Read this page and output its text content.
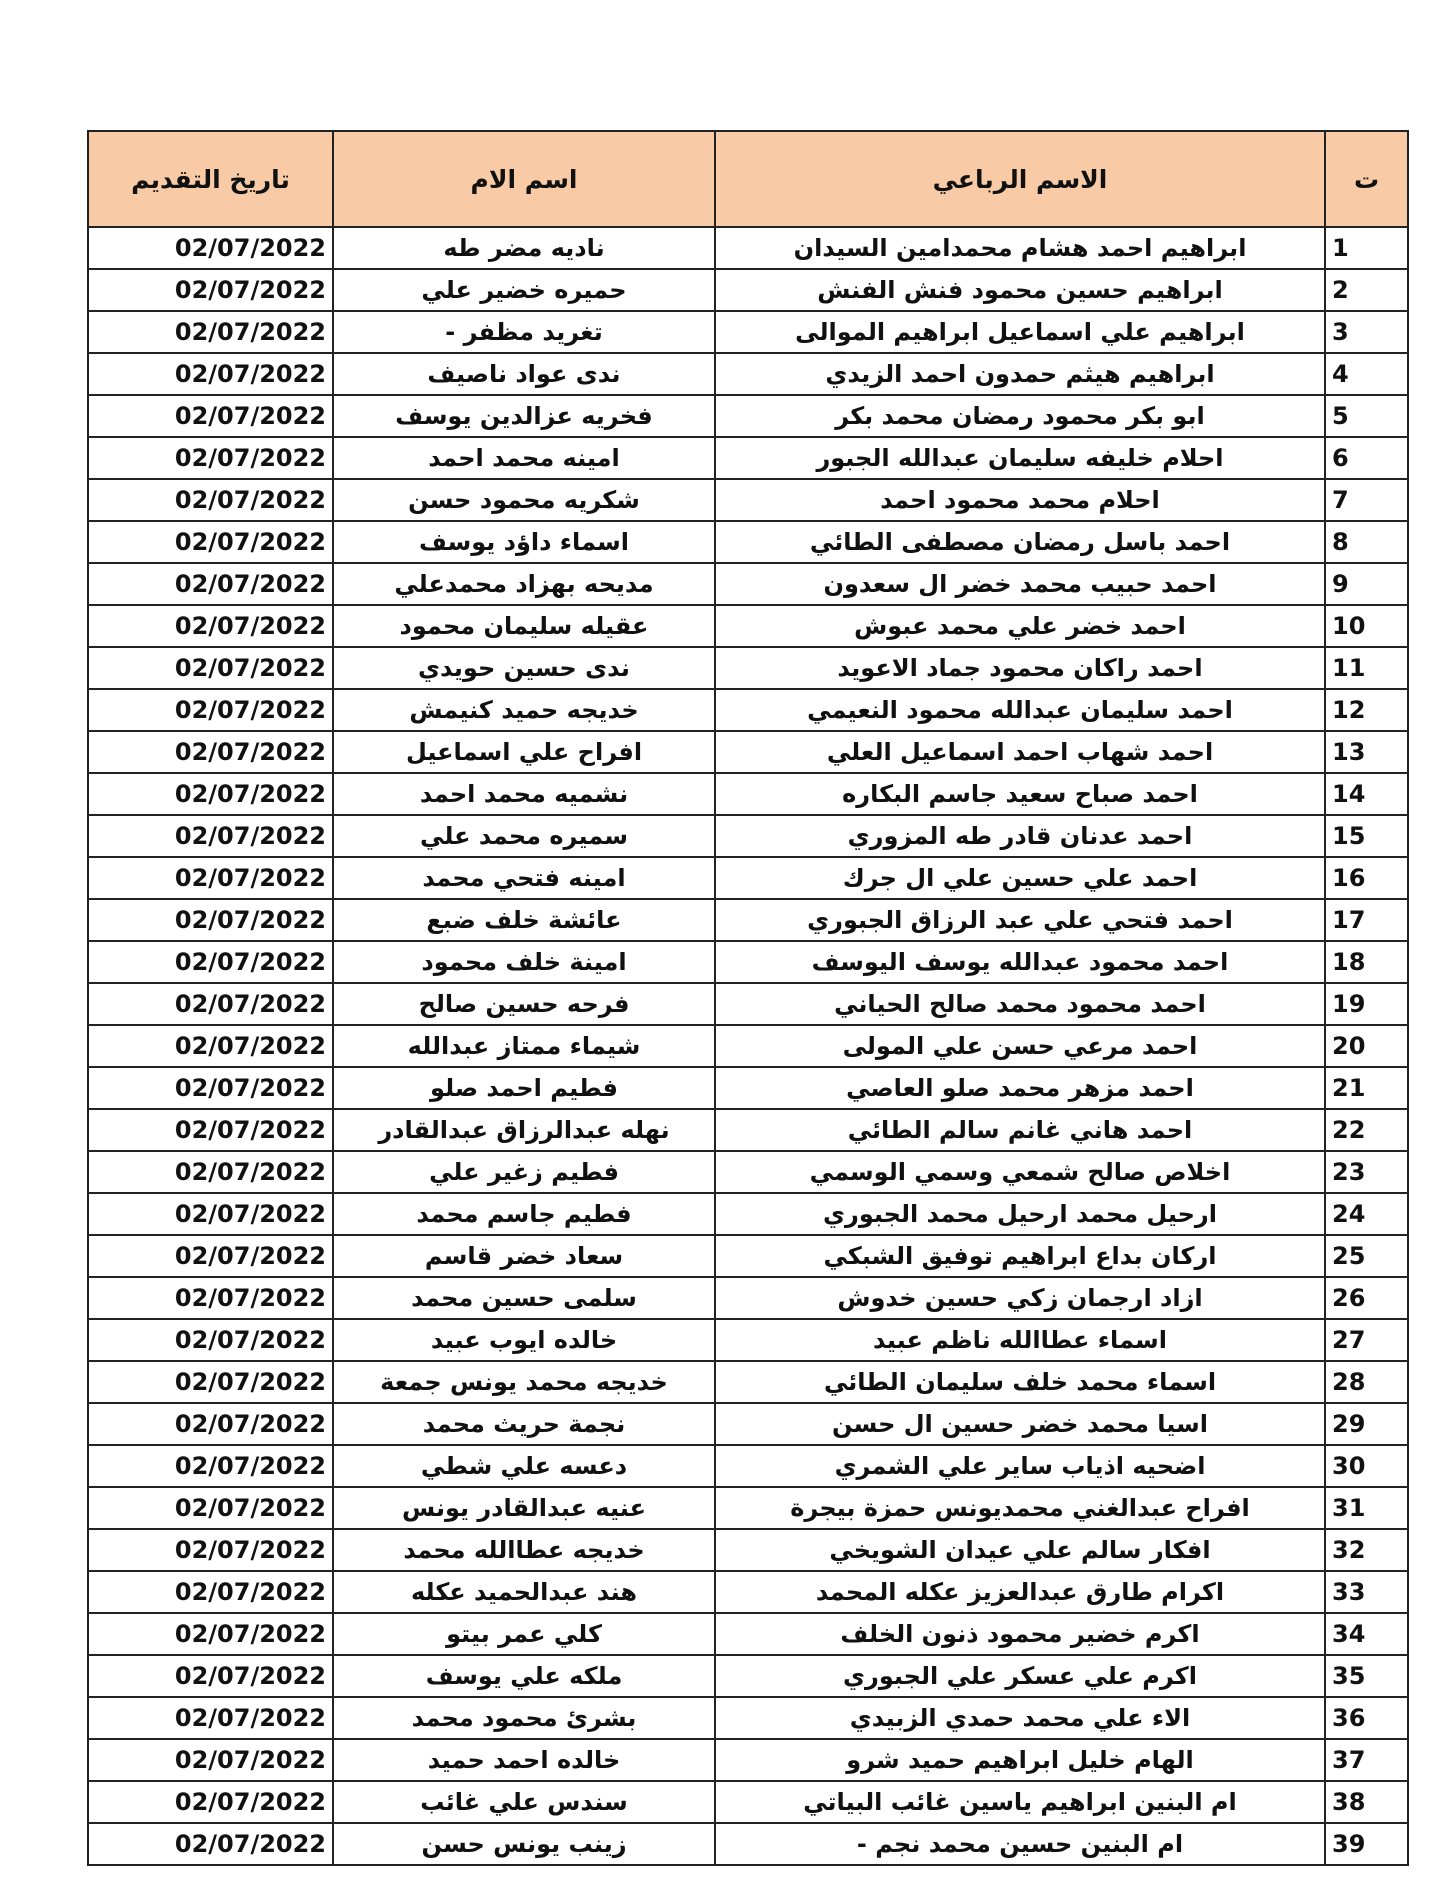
ت	الاسم الرباعي	اسم الام	تاريخ التقديم
1	ابراهيم احمد هشام محمدامين السيدان	ناديه مضر طه	02/07/2022
2	ابراهيم حسين محمود فنش الفنش	حميره خضير علي	02/07/2022
3	ابراهيم علي اسماعيل ابراهيم الموالى	تغريد مظفر -	02/07/2022
4	ابراهيم هيثم حمدون احمد الزيدي	ندى عواد ناصيف	02/07/2022
5	ابو بكر محمود رمضان محمد بكر	فخريه عزالدين يوسف	02/07/2022
6	احلام خليفه سليمان عبدالله الجبور	امينه محمد احمد	02/07/2022
7	احلام محمد محمود احمد	شكريه محمود حسن	02/07/2022
8	احمد باسل رمضان مصطفى الطائي	اسماء داؤد يوسف	02/07/2022
9	احمد حبيب محمد خضر ال سعدون	مديحه بهزاد محمدعلي	02/07/2022
10	احمد خضر علي محمد عبوش	عقيله سليمان محمود	02/07/2022
11	احمد راكان محمود جماد الاعويد	ندى حسين حويدي	02/07/2022
12	احمد سليمان عبدالله محمود النعيمي	خديجه حميد كنيمش	02/07/2022
13	احمد شهاب احمد اسماعيل العلي	افراح علي اسماعيل	02/07/2022
14	احمد صباح سعيد جاسم البكاره	نشميه محمد احمد	02/07/2022
15	احمد عدنان قادر طه المزوري	سميره محمد علي	02/07/2022
16	احمد علي حسين علي ال جرك	امينه فتحي محمد	02/07/2022
17	احمد فتحي علي عبد الرزاق الجبوري	عائشة خلف ضبع	02/07/2022
18	احمد محمود عبدالله يوسف اليوسف	امينة خلف محمود	02/07/2022
19	احمد محمود محمد صالح الحياني	فرحه حسين صالح	02/07/2022
20	احمد مرعي حسن علي المولى	شيماء ممتاز عبدالله	02/07/2022
21	احمد مزهر محمد صلو العاصي	فطيم احمد صلو	02/07/2022
22	احمد هاني غانم سالم الطائي	نهله عبدالرزاق عبدالقادر	02/07/2022
23	اخلاص صالح شمعي وسمي الوسمي	فطيم زغير علي	02/07/2022
24	ارحيل محمد ارحيل محمد الجبوري	فطيم جاسم محمد	02/07/2022
25	اركان بداع ابراهيم توفيق الشبكي	سعاد خضر قاسم	02/07/2022
26	ازاد ارجمان زكي حسين خدوش	سلمى حسين محمد	02/07/2022
27	اسماء عطاالله ناظم عبيد	خالده ايوب عبيد	02/07/2022
28	اسماء محمد خلف سليمان الطائي	خديجه محمد يونس جمعة	02/07/2022
29	اسيا محمد خضر حسين ال حسن	نجمة حريث محمد	02/07/2022
30	اضحيه اذياب ساير علي الشمري	دعسه علي شطي	02/07/2022
31	افراح عبدالغني محمديونس حمزة بيجرة	عنيه عبدالقادر يونس	02/07/2022
32	افكار سالم علي عيدان الشويخي	خديجه عطاالله محمد	02/07/2022
33	اكرام طارق عبدالعزيز عكله المحمد	هند عبدالحميد عكله	02/07/2022
34	اكرم خضير محمود ذنون الخلف	كلي عمر بيتو	02/07/2022
35	اكرم علي عسكر علي الجبوري	ملكه علي يوسف	02/07/2022
36	الاء علي محمد حمدي الزبيدي	بشرئ محمود محمد	02/07/2022
37	الهام خليل ابراهيم حميد شرو	خالده احمد حميد	02/07/2022
38	ام البنين ابراهيم ياسين غائب البياتي	سندس علي غائب	02/07/2022
39	ام البنين حسين محمد نجم -	زينب يونس حسن	02/07/2022
